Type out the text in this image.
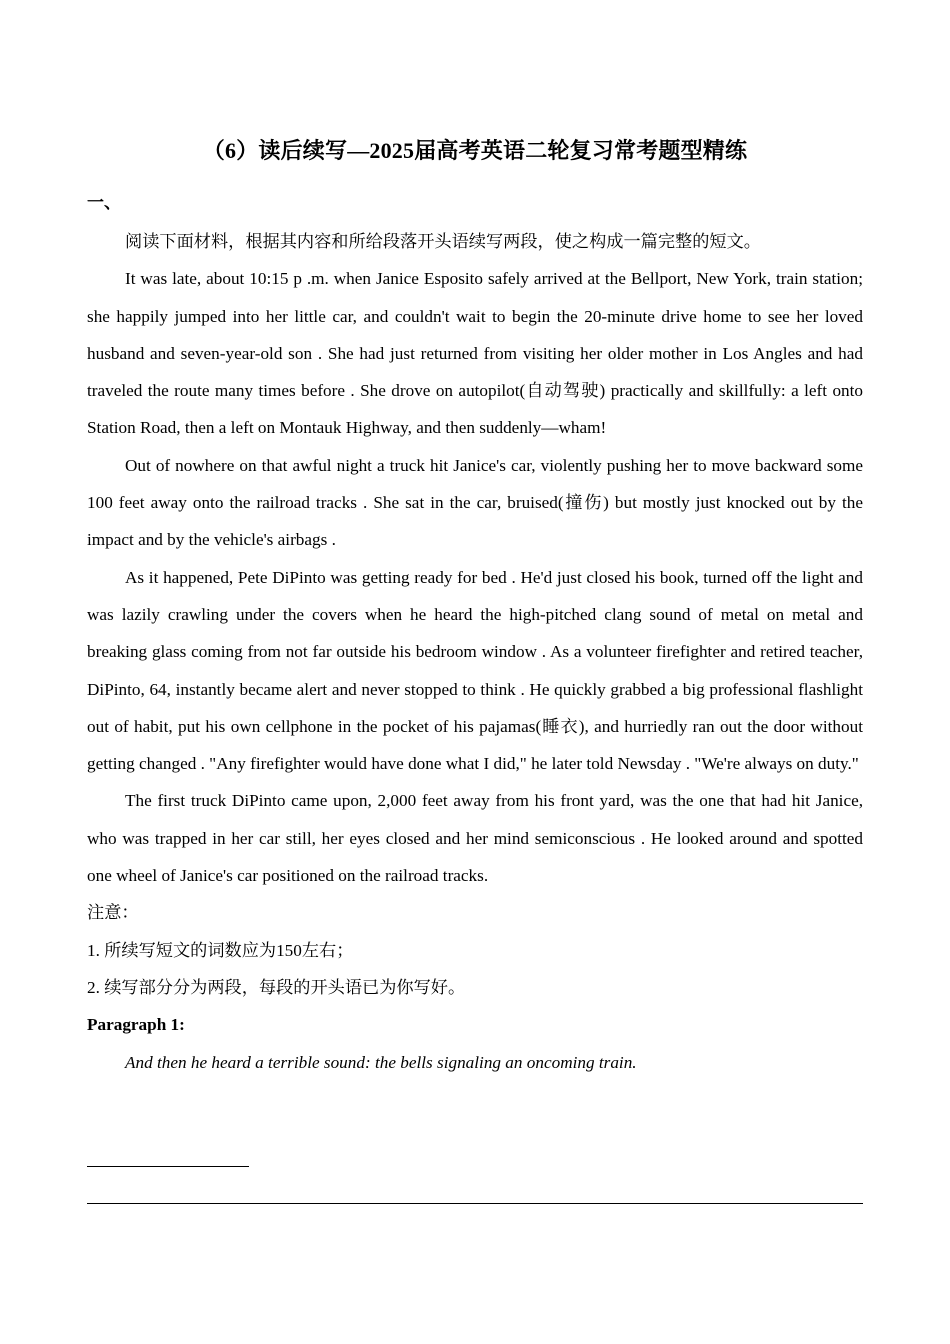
（6）读后续写—2025届高考英语二轮复习常考题型精练
一、

阅读下面材料，根据其内容和所给段落开头语续写两段，使之构成一篇完整的短文。

It was late, about 10:15 p .m. when Janice Esposito safely arrived at the Bellport, New York, train station; she happily jumped into her little car, and couldn't wait to begin the 20-minute drive home to see her loved husband and seven-year-old son . She had just returned from visiting her older mother in Los Angles and had traveled the route many times before . She drove on autopilot(自动驾驶) practically and skillfully: a left onto Station Road, then a left on Montauk Highway, and then suddenly—wham!

Out of nowhere on that awful night a truck hit Janice's car, violently pushing her to move backward some 100 feet away onto the railroad tracks . She sat in the car, bruised(撞伤) but mostly just knocked out by the impact and by the vehicle's airbags .

As it happened, Pete DiPinto was getting ready for bed . He'd just closed his book, turned off the light and was lazily crawling under the covers when he heard the high-pitched clang sound of metal on metal and breaking glass coming from not far outside his bedroom window . As a volunteer firefighter and retired teacher, DiPinto, 64, instantly became alert and never stopped to think . He quickly grabbed a big professional flashlight out of habit, put his own cellphone in the pocket of his pajamas(睡衣), and hurriedly ran out the door without getting changed . "Any firefighter would have done what I did," he later told Newsday . "We're always on duty."

The first truck DiPinto came upon, 2,000 feet away from his front yard, was the one that had hit Janice, who was trapped in her car still, her eyes closed and her mind semiconscious . He looked around and spotted one wheel of Janice's car positioned on the railroad tracks.

注意：

1. 所续写短文的词数应为150左右；

2. 续写部分分为两段，每段的开头语已为你写好。

Paragraph 1:

And then he heard a terrible sound: the bells signaling an oncoming train.
